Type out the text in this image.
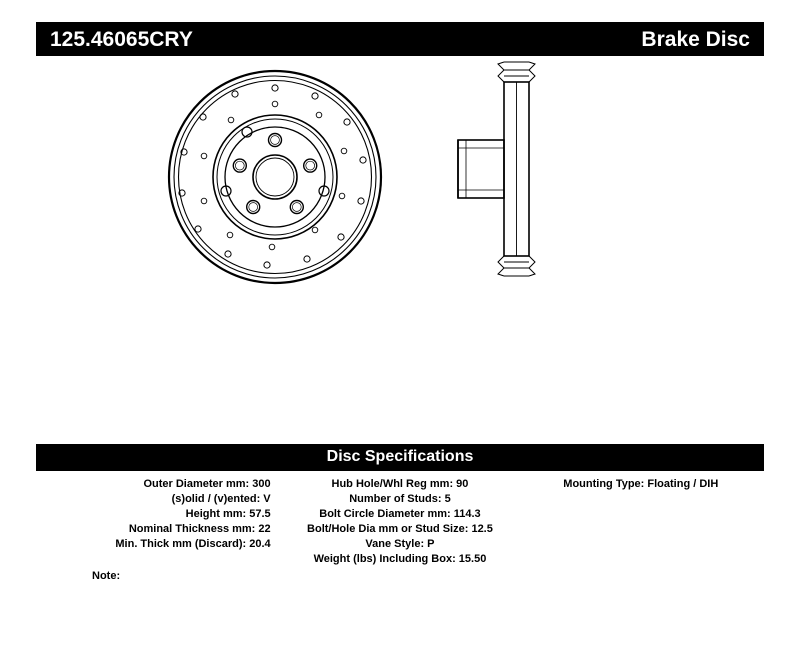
125.46065CRY	Brake Disc
Disc Specifications
Outer Diameter mm: 300
(s)olid / (v)ented: V
Height mm: 57.5
Nominal Thickness mm: 22
Min. Thick mm (Discard): 20.4
Hub Hole/Whl Reg mm: 90
Number of Studs: 5
Bolt Circle Diameter mm: 114.3
Bolt/Hole Dia mm or Stud Size: 12.5
Vane Style: P
Weight (lbs) Including Box: 15.50
Mounting Type: Floating / DIH
Note:
